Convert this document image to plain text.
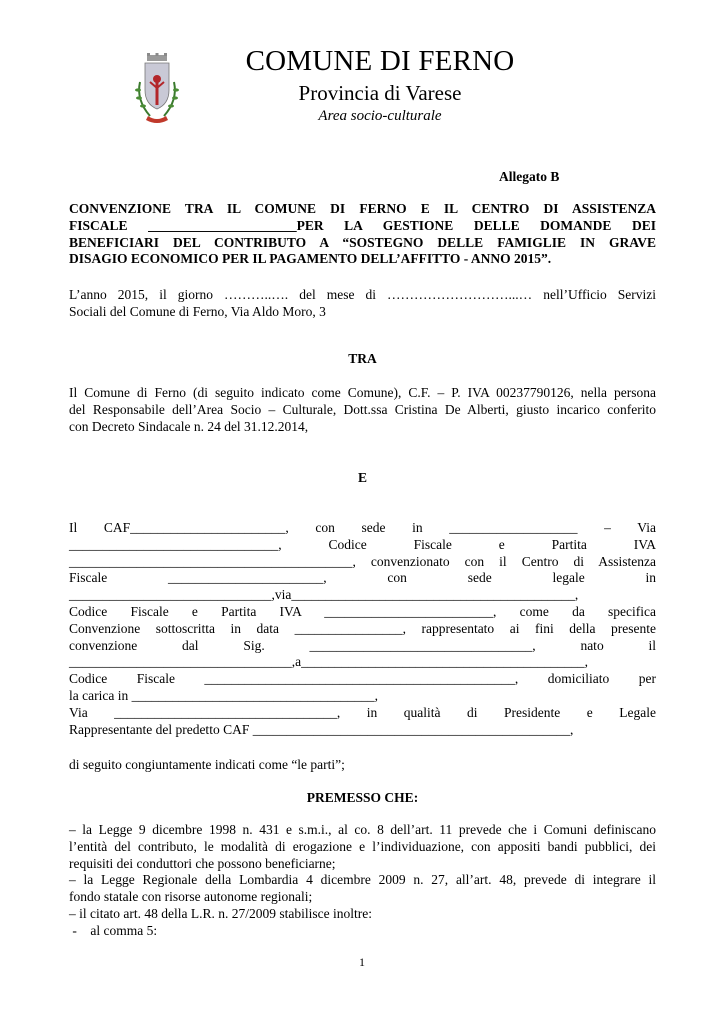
COMUNE DI FERNO
Provincia di Varese
Area socio-culturale
Allegato B
CONVENZIONE TRA IL COMUNE DI FERNO E IL CENTRO DI ASSISTENZA
FISCALE ______________________PER LA GESTIONE DELLE DOMANDE DEI
BENEFICIARI DEL CONTRIBUTO A “SOSTEGNO DELLE FAMIGLIE IN GRAVE
DISAGIO ECONOMICO PER IL PAGAMENTO DELL’AFFITTO - ANNO 2015”.
L’anno 2015, il giorno ………..…. del mese di ………………………...… nell’Ufficio Servizi
Sociali del Comune di Ferno, Via Aldo Moro, 3
TRA
Il Comune di Ferno (di seguito indicato come Comune), C.F. – P. IVA 00237790126, nella persona
del Responsabile dell’Area Socio – Culturale, Dott.ssa Cristina De Alberti, giusto incarico conferito
con Decreto Sindacale n. 24 del 31.12.2014,
E
Il CAF_______________________, con sede in ___________________ – Via
_______________________________, Codice Fiscale e Partita IVA
__________________________________________, convenzionato con il Centro di Assistenza
Fiscale _______________________, con sede legale in
______________________________,via__________________________________________,
Codice Fiscale e Partita IVA _________________________, come da specifica
Convenzione sottoscritta in data ________________, rappresentato ai fini della presente
convenzione dal Sig. _________________________________, nato il
_________________________________,a__________________________________________,
Codice Fiscale ______________________________________________, domiciliato per
la carica in ____________________________________,
Via _________________________________, in qualità di Presidente e Legale
Rappresentante del predetto CAF _______________________________________________,
di seguito congiuntamente indicati come “le parti”;
PREMESSO CHE:
– la Legge 9 dicembre 1998 n. 431 e s.m.i., al co. 8 dell’art. 11 prevede che i Comuni definiscano
l’entità del contributo, le modalità di erogazione e l’individuazione, con appositi bandi pubblici, dei
requisiti dei conduttori che possono beneficiarne;
– la Legge Regionale della Lombardia 4 dicembre 2009 n. 27, all’art. 48, prevede di integrare il
fondo statale con risorse autonome regionali;
– il citato art. 48 della L.R. n. 27/2009 stabilisce inoltre:
-    al comma 5:
1
